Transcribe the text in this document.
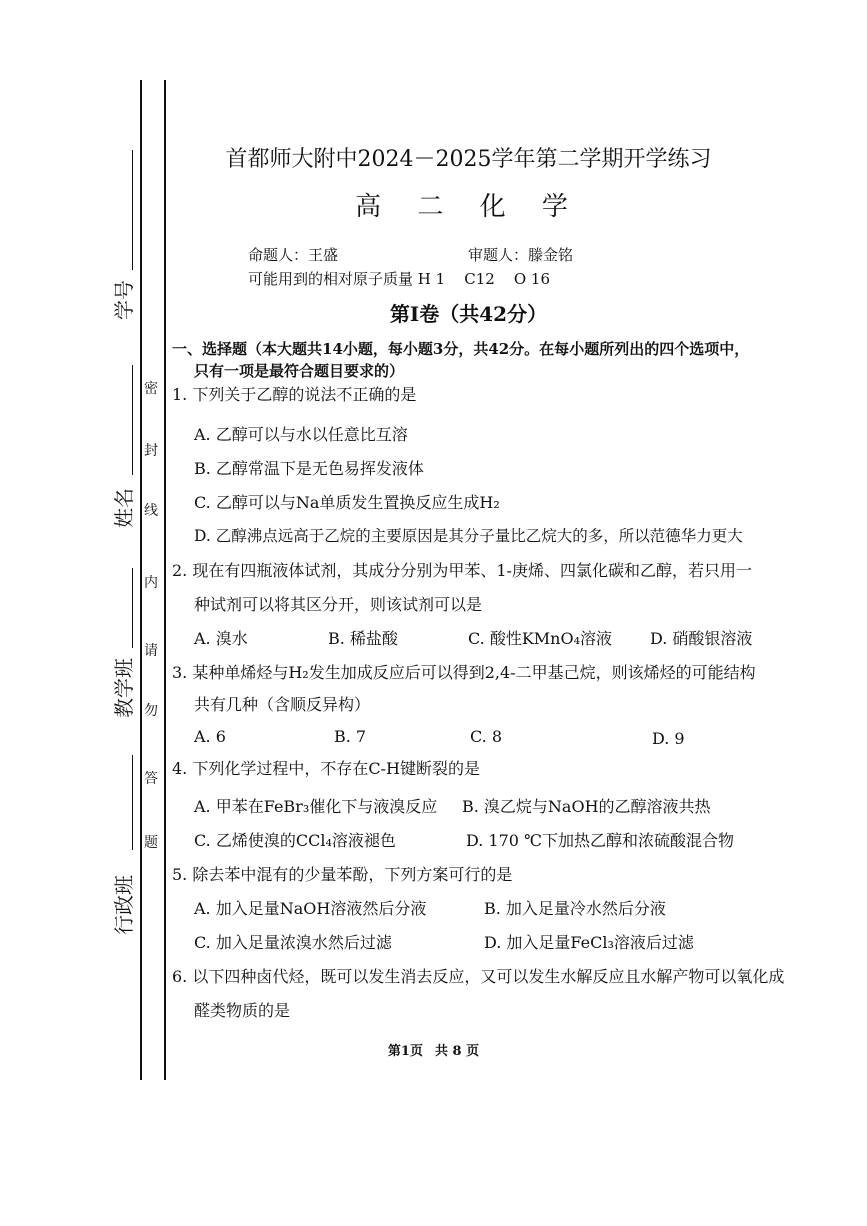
学号
姓名
教学班
行政班
密
封
线
内
请
勿
答
题
首都师大附中2024－2025学年第二学期开学练习
高 二 化 学
命题人：王盛	审题人：滕金铭
可能用到的相对原子质量 H 1    C12    O 16
第Ⅰ卷（共42分）
一、选择题（本大题共14小题，每小题3分，共42分。在每小题所列出的四个选项中，
只有一项是最符合题目要求的）
1. 下列关于乙醇的说法不正确的是
A. 乙醇可以与水以任意比互溶
B. 乙醇常温下是无色易挥发液体
C. 乙醇可以与Na单质发生置换反应生成H₂
D. 乙醇沸点远高于乙烷的主要原因是其分子量比乙烷大的多，所以范德华力更大
2. 现在有四瓶液体试剂，其成分分别为甲苯、1-庚烯、四氯化碳和乙醇，若只用一
种试剂可以将其区分开，则该试剂可以是
A. 溴水	B. 稀盐酸	C. 酸性KMnO₄溶液 D. 硝酸银溶液
3. 某种单烯烃与H₂发生加成反应后可以得到2,4-二甲基己烷，则该烯烃的可能结构
共有几种（含顺反异构）
A. 6	B. 7	C. 8	D. 9
4. 下列化学过程中，不存在C-H键断裂的是
A. 甲苯在FeBr₃催化下与液溴反应 B. 溴乙烷与NaOH的乙醇溶液共热
C. 乙烯使溴的CCl₄溶液褪色	D. 170 ℃下加热乙醇和浓硫酸混合物
5. 除去苯中混有的少量苯酚，下列方案可行的是
A. 加入足量NaOH溶液然后分液	B. 加入足量冷水然后分液
C. 加入足量浓溴水然后过滤	D. 加入足量FeCl₃溶液后过滤
6. 以下四种卤代烃，既可以发生消去反应，又可以发生水解反应且水解产物可以氧化成
醛类物质的是
第1页 共 8 页
